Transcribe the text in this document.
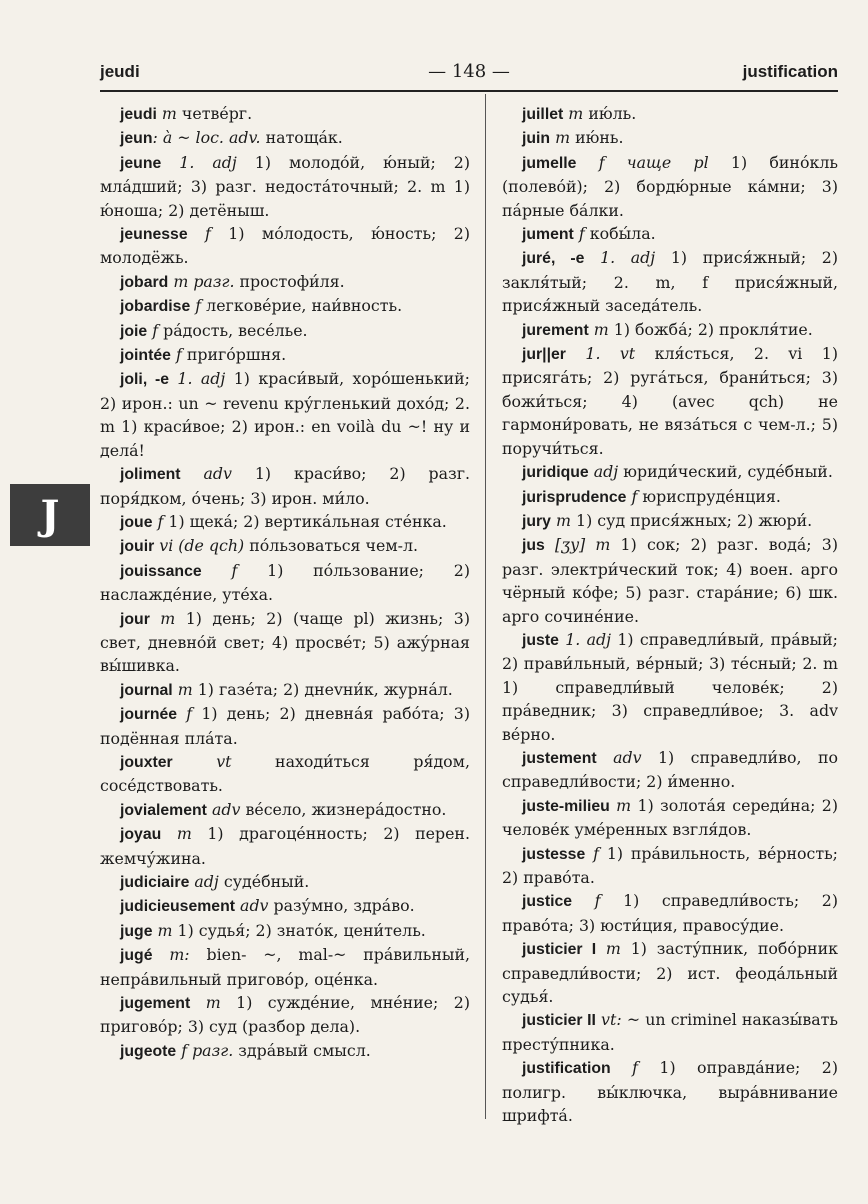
jeudi	— 148 —	justification
J
jeudi m четве́рг.
jeun: à ~ loc. adv. натоща́к.
jeune 1. adj 1) молодо́й, ю́ный; 2) мла́дший; 3) разг. недоста́точный; 2. m 1) ю́ноша; 2) детёныш.
jeunesse f 1) мо́лодость, ю́ность; 2) молодёжь.
jobard m разг. простофи́ля.
jobardise f легкове́рие, наи́вность.
joie f ра́дость, весе́лье.
jointée f приго́ршня.
joli, -e 1. adj 1) краси́вый, хоро́шенький; 2) ирон.: un ~ revenu кру́гленький дохо́д; 2. m 1) краси́вое; 2) ирон.: en voilà du ~! ну и дела́!
joliment adv 1) краси́во; 2) разг. поря́дком, о́чень; 3) ирон. ми́ло.
joue f 1) щека́; 2) вертика́льная сте́нка.
jouir vi (de qch) по́льзоваться чем-л.
jouissance f 1) по́льзование; 2) наслажде́ние, уте́ха.
jour m 1) день; 2) (чаще pl) жизнь; 3) свет, дневно́й свет; 4) просве́т; 5) ажу́рная вы́шивка.
journal m 1) газе́та; 2) днevни́к, журна́л.
journée f 1) день; 2) дневна́я рабо́та; 3) подённая пла́та.
jouxter	vt	находи́ться ря́дом, сосе́дствовать.
jovialement adv ве́село, жизнера́достно.
joyau m 1) драгоце́нность; 2) перен. жемчу́жина.
judiciaire adj суде́бный.
judicieusement adv разу́мно, здра́во.
juge m 1) судья́; 2) знато́к, цени́тель.
jugé m: bien- ~, mal-~ пра́вильный, непра́вильный пригово́р, оце́нка.
jugement m 1) сужде́ние, мне́ние; 2) пригово́р; 3) суд (разбор дела).
jugeote f разг. здра́вый смысл.
juillet m ию́ль.
juin m ию́нь.
jumelle f чаще pl 1) бино́кль (полево́й); 2) бордю́рные ка́мни; 3) па́рные ба́лки.
jument f кобы́ла.
juré, -e 1. adj 1) прися́жный; 2) закля́тый; 2. m, f прися́жный, прися́жный заседа́тель.
jurement m 1) божба́; 2) прокля́тие.
jur||er 1. vt кля́сться, 2. vi 1) присяга́ть; 2) руга́ться, брани́ться; 3) божи́ться; 4) (avec qch) не гармони́ровать, не вяза́ться с чем-л.; 5) поручи́ться.
juridique adj юриди́ческий, суде́бный.
jurisprudence f юриспруде́нция.
jury m 1) суд прися́жных; 2) жюри́.
jus [ʒy] m 1) сок; 2) разг. вода́; 3) разг. электри́ческий ток; 4) воен. арго чёрный ко́фе; 5) разг. стара́ние; 6) шк. арго сочине́ние.
juste 1. adj 1) справедли́вый, пра́вый; 2) прави́льный, ве́рный; 3) те́сный; 2. m 1) справедли́вый челове́к; 2) пра́ведник; 3) справедли́вое; 3. adv ве́рно.
justement adv 1) справедли́во, по справедли́вости; 2) и́менно.
juste-milieu m 1) золота́я середи́на; 2) челове́к уме́ренных взгля́дов.
justesse f 1) пра́вильность, ве́рность; 2) право́та.
justice f 1) справедли́вость; 2) право́та; 3) юсти́ция, правосу́дие.
justicier I m 1) засту́пник, побо́рник справедли́вости; 2) ист. феода́льный судья́.
justicier II vt: ~ un criminel наказы́вать престу́пника.
justification f 1) оправда́ние; 2) полигр. вы́ключка, выра́внивание шрифта́.
